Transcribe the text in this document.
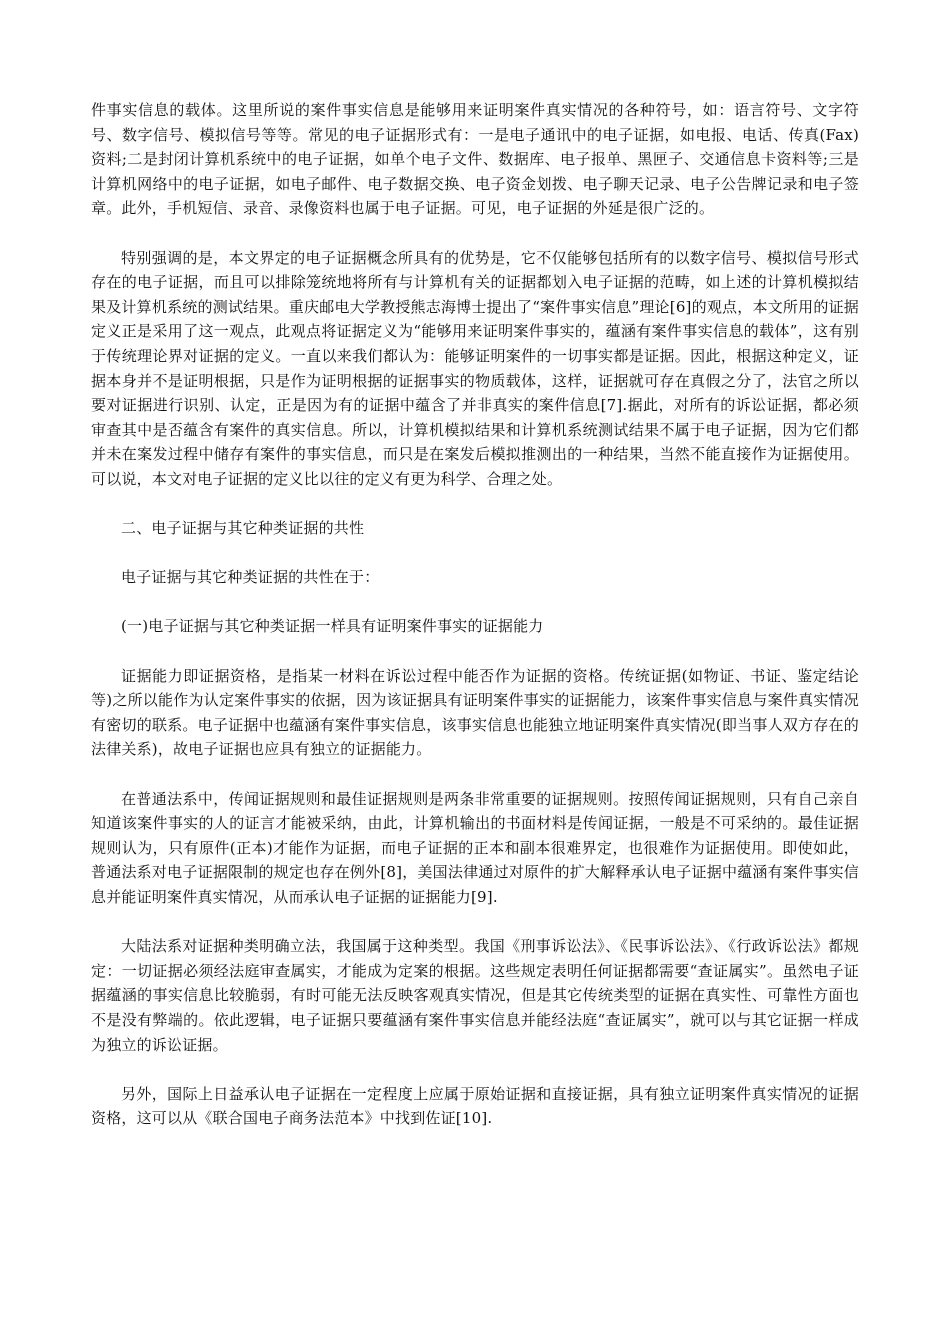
件事实信息的载体。这里所说的案件事实信息是能够用来证明案件真实情况的各种符号，如：语言符号、文字符号、数字信号、模拟信号等等。常见的电子证据形式有：一是电子通讯中的电子证据，如电报、电话、传真(Fax)资料;二是封闭计算机系统中的电子证据，如单个电子文件、数据库、电子报单、黑匣子、交通信息卡资料等;三是计算机网络中的电子证据，如电子邮件、电子数据交换、电子资金划拨、电子聊天记录、电子公告牌记录和电子签章。此外，手机短信、录音、录像资料也属于电子证据。可见，电子证据的外延是很广泛的。

特别强调的是，本文界定的电子证据概念所具有的优势是，它不仅能够包括所有的以数字信号、模拟信号形式存在的电子证据，而且可以排除笼统地将所有与计算机有关的证据都划入电子证据的范畴，如上述的计算机模拟结果及计算机系统的测试结果。重庆邮电大学教授熊志海博士提出了“案件事实信息”理论[6]的观点，本文所用的证据定义正是采用了这一观点，此观点将证据定义为“能够用来证明案件事实的，蕴涵有案件事实信息的载体”，这有别于传统理论界对证据的定义。一直以来我们都认为：能够证明案件的一切事实都是证据。因此，根据这种定义，证据本身并不是证明根据，只是作为证明根据的证据事实的物质载体，这样，证据就可存在真假之分了，法官之所以要对证据进行识别、认定，正是因为有的证据中蕴含了并非真实的案件信息[7].据此，对所有的诉讼证据，都必须审查其中是否蕴含有案件的真实信息。所以，计算机模拟结果和计算机系统测试结果不属于电子证据，因为它们都并未在案发过程中储存有案件的事实信息，而只是在案发后模拟推测出的一种结果，当然不能直接作为证据使用。可以说，本文对电子证据的定义比以往的定义有更为科学、合理之处。

二、电子证据与其它种类证据的共性

电子证据与其它种类证据的共性在于：

(一)电子证据与其它种类证据一样具有证明案件事实的证据能力

证据能力即证据资格，是指某一材料在诉讼过程中能否作为证据的资格。传统证据(如物证、书证、鉴定结论等)之所以能作为认定案件事实的依据，因为该证据具有证明案件事实的证据能力，该案件事实信息与案件真实情况有密切的联系。电子证据中也蕴涵有案件事实信息，该事实信息也能独立地证明案件真实情况(即当事人双方存在的法律关系)，故电子证据也应具有独立的证据能力。

在普通法系中，传闻证据规则和最佳证据规则是两条非常重要的证据规则。按照传闻证据规则，只有自己亲自知道该案件事实的人的证言才能被采纳，由此，计算机输出的书面材料是传闻证据，一般是不可采纳的。最佳证据规则认为，只有原件(正本)才能作为证据，而电子证据的正本和副本很难界定，也很难作为证据使用。即使如此，普通法系对电子证据限制的规定也存在例外[8]，美国法律通过对原件的扩大解释承认电子证据中蕴涵有案件事实信息并能证明案件真实情况，从而承认电子证据的证据能力[9].

大陆法系对证据种类明确立法，我国属于这种类型。我国《刑事诉讼法》、《民事诉讼法》、《行政诉讼法》都规定：一切证据必须经法庭审查属实，才能成为定案的根据。这些规定表明任何证据都需要“查证属实”。虽然电子证据蕴涵的事实信息比较脆弱，有时可能无法反映客观真实情况，但是其它传统类型的证据在真实性、可靠性方面也不是没有弊端的。依此逻辑，电子证据只要蕴涵有案件事实信息并能经法庭“查证属实”，就可以与其它证据一样成为独立的诉讼证据。

另外，国际上日益承认电子证据在一定程度上应属于原始证据和直接证据，具有独立证明案件真实情况的证据资格，这可以从《联合国电子商务法范本》中找到佐证[10].
